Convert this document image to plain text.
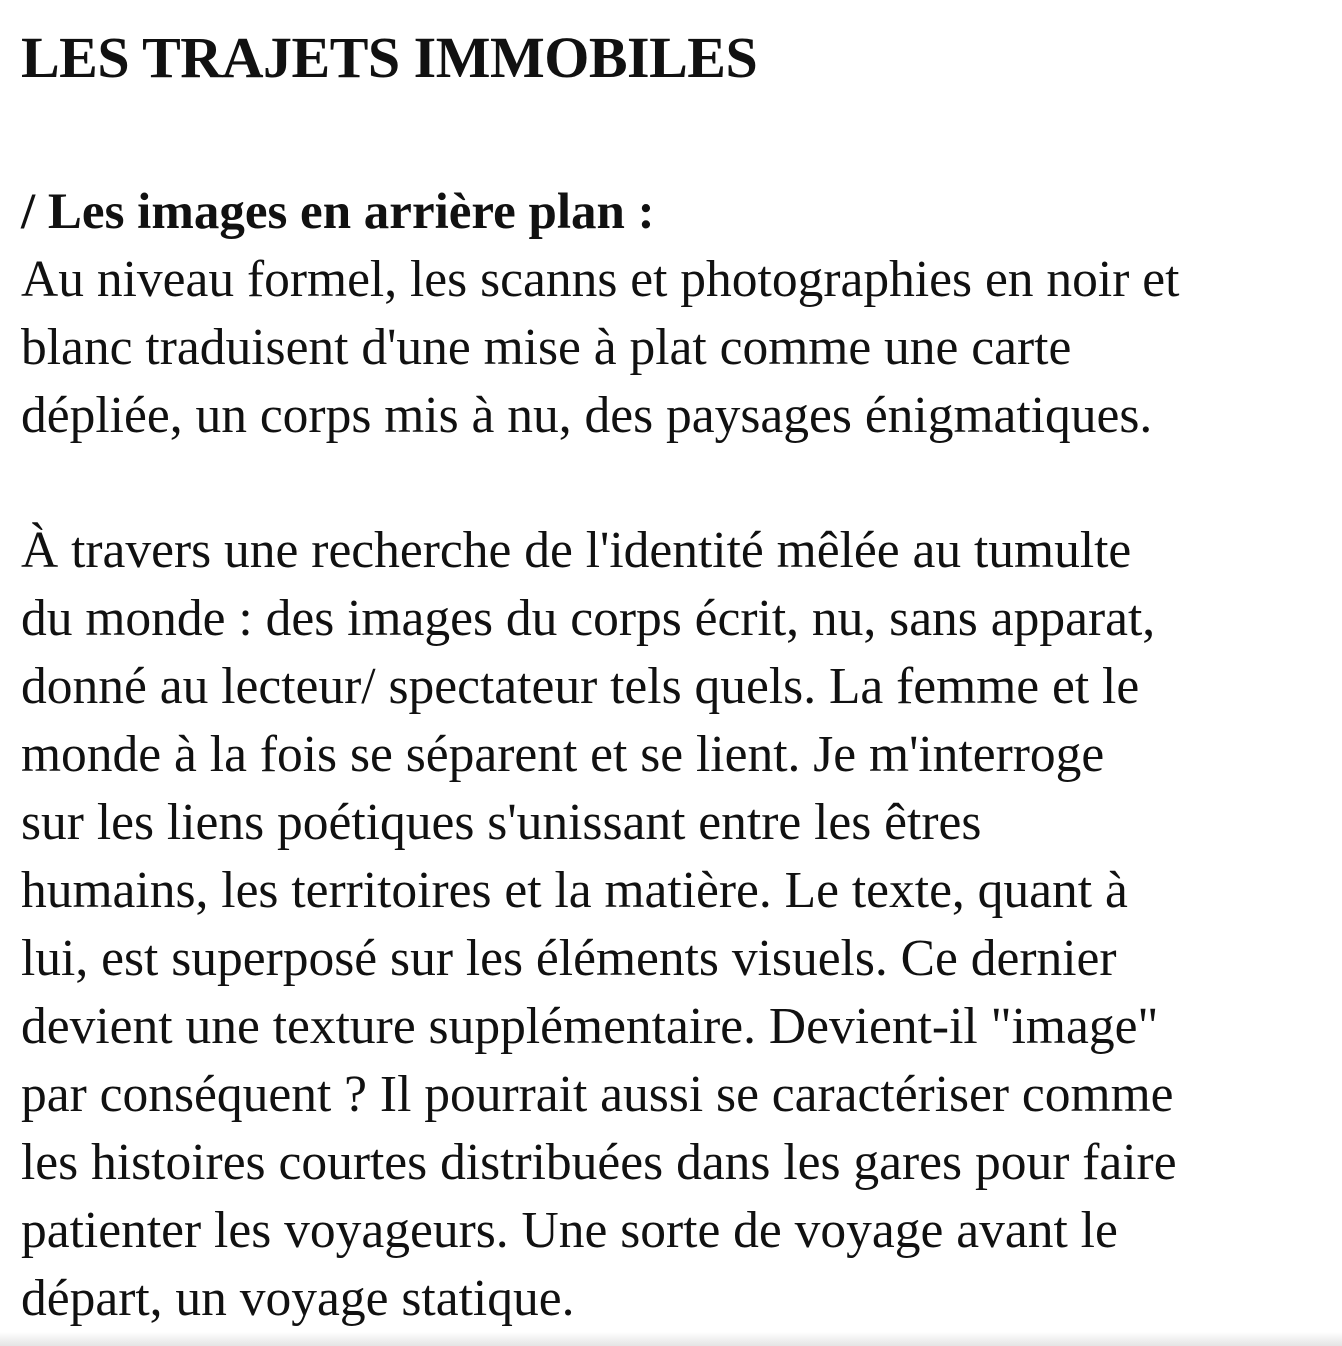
LES TRAJETS IMMOBILES
/ Les images en arrière plan :

Au niveau formel, les scanns et photographies en noir et
blanc traduisent d'une mise à plat comme une carte
dépliée, un corps mis à nu, des paysages énigmatiques.

À travers une recherche de l'identité mêlée au tumulte
du monde : des images du corps écrit, nu, sans apparat,
donné au lecteur/ spectateur tels quels. La femme et le
monde à la fois se séparent et se lient. Je m'interroge
sur les liens poétiques s'unissant entre les êtres
humains, les territoires et la matière. Le texte, quant à
lui, est superposé sur les éléments visuels. Ce dernier
devient une texture supplémentaire. Devient-il "image"
par conséquent ? Il pourrait aussi se caractériser comme
les histoires courtes distribuées dans les gares pour faire
patienter les voyageurs. Une sorte de voyage avant le
départ, un voyage statique.
